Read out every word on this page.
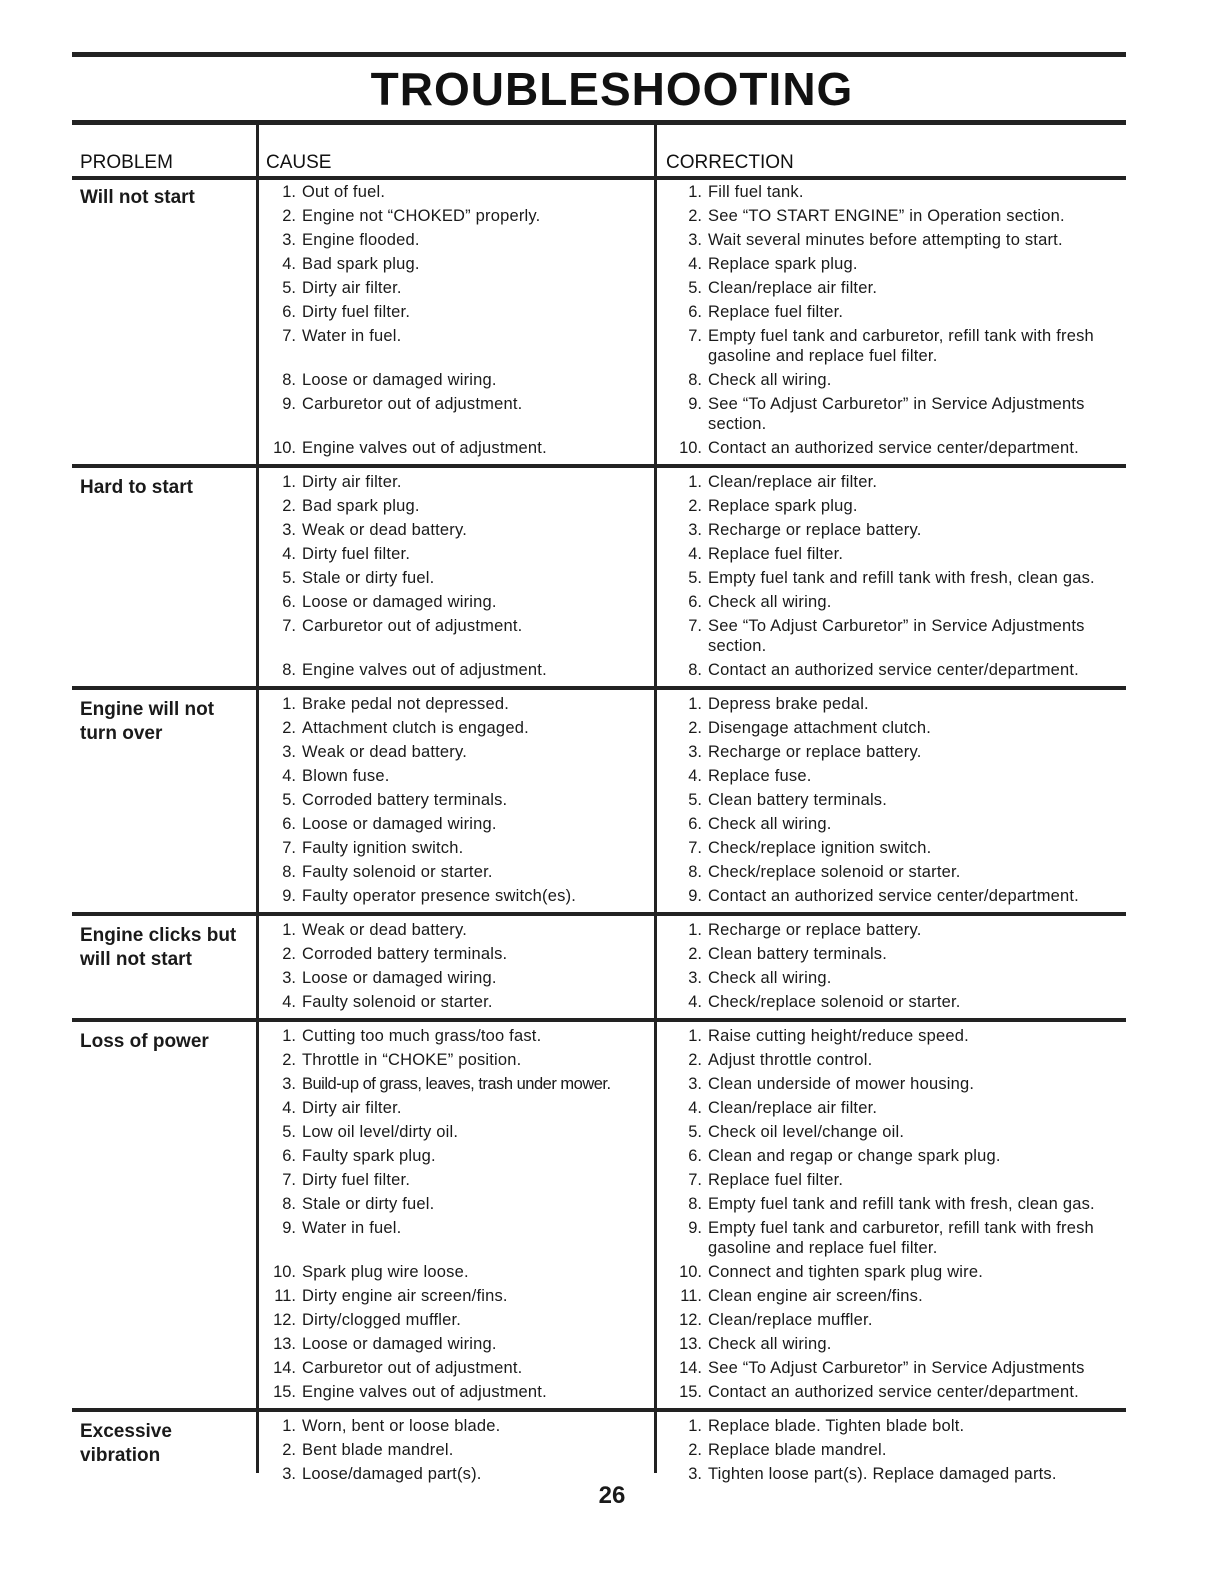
TROUBLESHOOTING
PROBLEM	CAUSE	CORRECTION
Will not start	1. Out of fuel.	1. Fill fuel tank.
2. Engine not “CHOKED” properly.	2. See “TO START ENGINE” in Operation section.
3. Engine flooded.	3. Wait several minutes before attempting to start.
4. Bad spark plug.	4. Replace spark plug.
5. Dirty air filter.	5. Clean/replace air filter.
6. Dirty fuel filter.	6. Replace fuel filter.
7. Water in fuel.	7. Empty fuel tank and carburetor, refill tank with fresh gasoline and replace fuel filter.
8. Loose or damaged wiring.	8. Check all wiring.
9. Carburetor out of adjustment.	9. See “To Adjust Carburetor” in Service Adjustments section.
10. Engine valves out of adjustment.	10. Contact an authorized service center/department.
Hard to start	1. Dirty air filter.	1. Clean/replace air filter.
2. Bad spark plug.	2. Replace spark plug.
3. Weak or dead battery.	3. Recharge or replace battery.
4. Dirty fuel filter.	4. Replace fuel filter.
5. Stale or dirty fuel.	5. Empty fuel tank and refill tank with fresh, clean gas.
6. Loose or damaged wiring.	6. Check all wiring.
7. Carburetor out of adjustment.	7. See “To Adjust Carburetor” in Service Adjustments section.
8. Engine valves out of adjustment.	8. Contact an authorized service center/department.
Engine will not turn over
1. Brake pedal not depressed.	1. Depress brake pedal.
2. Attachment clutch is engaged.	2. Disengage attachment clutch.
3. Weak or dead battery.	3. Recharge or replace battery.
4. Blown fuse.	4. Replace fuse.
5. Corroded battery terminals.	5. Clean battery terminals.
6. Loose or damaged wiring.	6. Check all wiring.
7. Faulty ignition switch.	7. Check/replace ignition switch.
8. Faulty solenoid or starter.	8. Check/replace solenoid or starter.
9. Faulty operator presence switch(es).	9. Contact an authorized service center/department.
Engine clicks but will not start
1. Weak or dead battery.	1. Recharge or replace battery.
2. Corroded battery terminals.	2. Clean battery terminals.
3. Loose or damaged wiring.	3. Check all wiring.
4. Faulty solenoid or starter.	4. Check/replace solenoid or starter.
Loss of power	1. Cutting too much grass/too fast.	1. Raise cutting height/reduce speed.
2. Throttle in “CHOKE” position.	2. Adjust throttle control.
3. Build-up of grass, leaves, trash under mower.	3. Clean underside of mower housing.
4. Dirty air filter.	4. Clean/replace air filter.
5. Low oil level/dirty oil.	5. Check oil level/change oil.
6. Faulty spark plug.	6. Clean and regap or change spark plug.
7. Dirty fuel filter.	7. Replace fuel filter.
8. Stale or dirty fuel.	8. Empty fuel tank and refill tank with fresh, clean gas.
9. Water in fuel.	9. Empty fuel tank and carburetor, refill tank with fresh gasoline and replace fuel filter.
10. Spark plug wire loose.	10. Connect and tighten spark plug wire.
11. Dirty engine air screen/fins.	11. Clean engine air screen/fins.
12. Dirty/clogged muffler.	12. Clean/replace muffler.
13. Loose or damaged wiring.	13. Check all wiring.
14. Carburetor out of adjustment.	14. See “To Adjust Carburetor” in Service Adjustments
15. Engine valves out of adjustment.	15. Contact an authorized service center/department.
Excessive vibration
1. Worn, bent or loose blade.	1. Replace blade. Tighten blade bolt.
2. Bent blade mandrel.	2. Replace blade mandrel.
3. Loose/damaged part(s).	3. Tighten loose part(s). Replace damaged parts.
26
